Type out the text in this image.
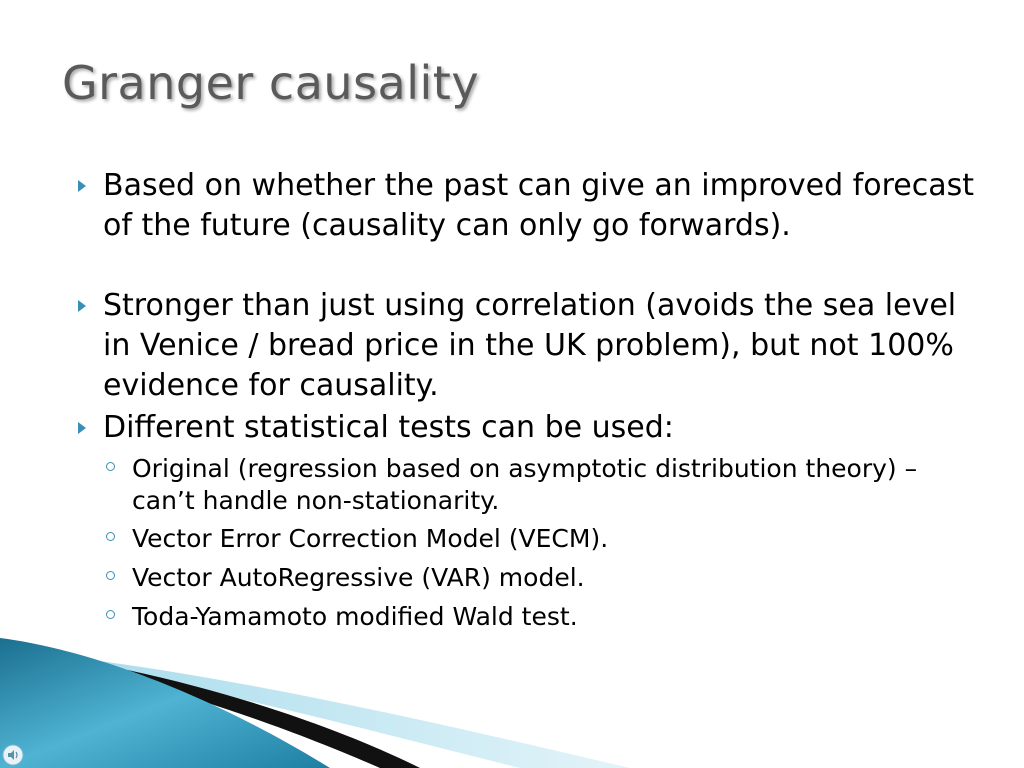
Granger causality
Based on whether the past can give an improved forecast of the future (causality can only go forwards).
Stronger than just using correlation (avoids the sea level in Venice / bread price in the UK problem), but not 100% evidence for causality.
Different statistical tests can be used:
Original (regression based on asymptotic distribution theory) – can’t handle non-stationarity.
Vector Error Correction Model (VECM).
Vector AutoRegressive (VAR) model.
Toda-Yamamoto modified Wald test.
